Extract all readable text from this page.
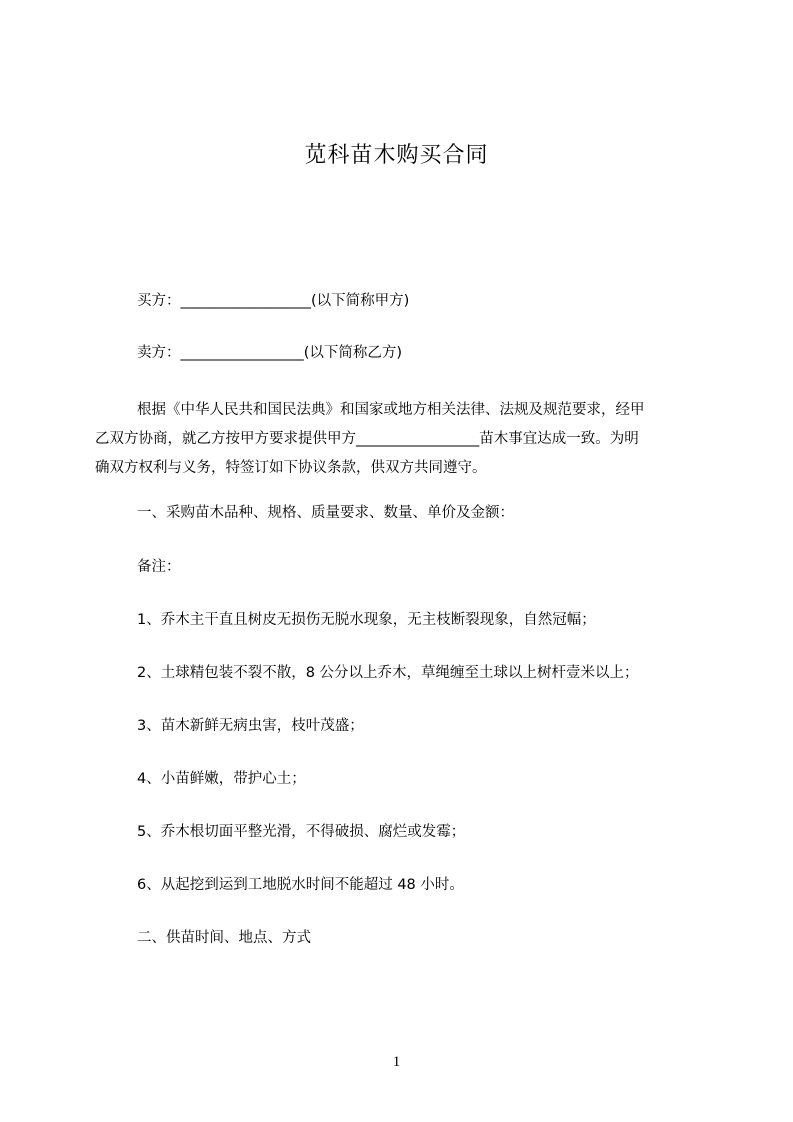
苋科苗木购买合同
买方：__________________(以下简称甲方)
卖方：_________________(以下简称乙方)
根据《中华人民共和国民法典》和国家或地方相关法律、法规及规范要求，经甲
乙双方协商，就乙方按甲方要求提供甲方_________________苗木事宜达成一致。为明
确双方权利与义务，特签订如下协议条款，供双方共同遵守。
一、采购苗木品种、规格、质量要求、数量、单价及金额：
备注：
1、乔木主干直且树皮无损伤无脱水现象，无主枝断裂现象，自然冠幅；
2、土球精包装不裂不散，8 公分以上乔木，草绳缠至土球以上树杆壹米以上；
3、苗木新鲜无病虫害，枝叶茂盛；
4、小苗鲜嫩，带护心土；
5、乔木根切面平整光滑，不得破损、腐烂或发霉；
6、从起挖到运到工地脱水时间不能超过 48 小时。
二、供苗时间、地点、方式
1
